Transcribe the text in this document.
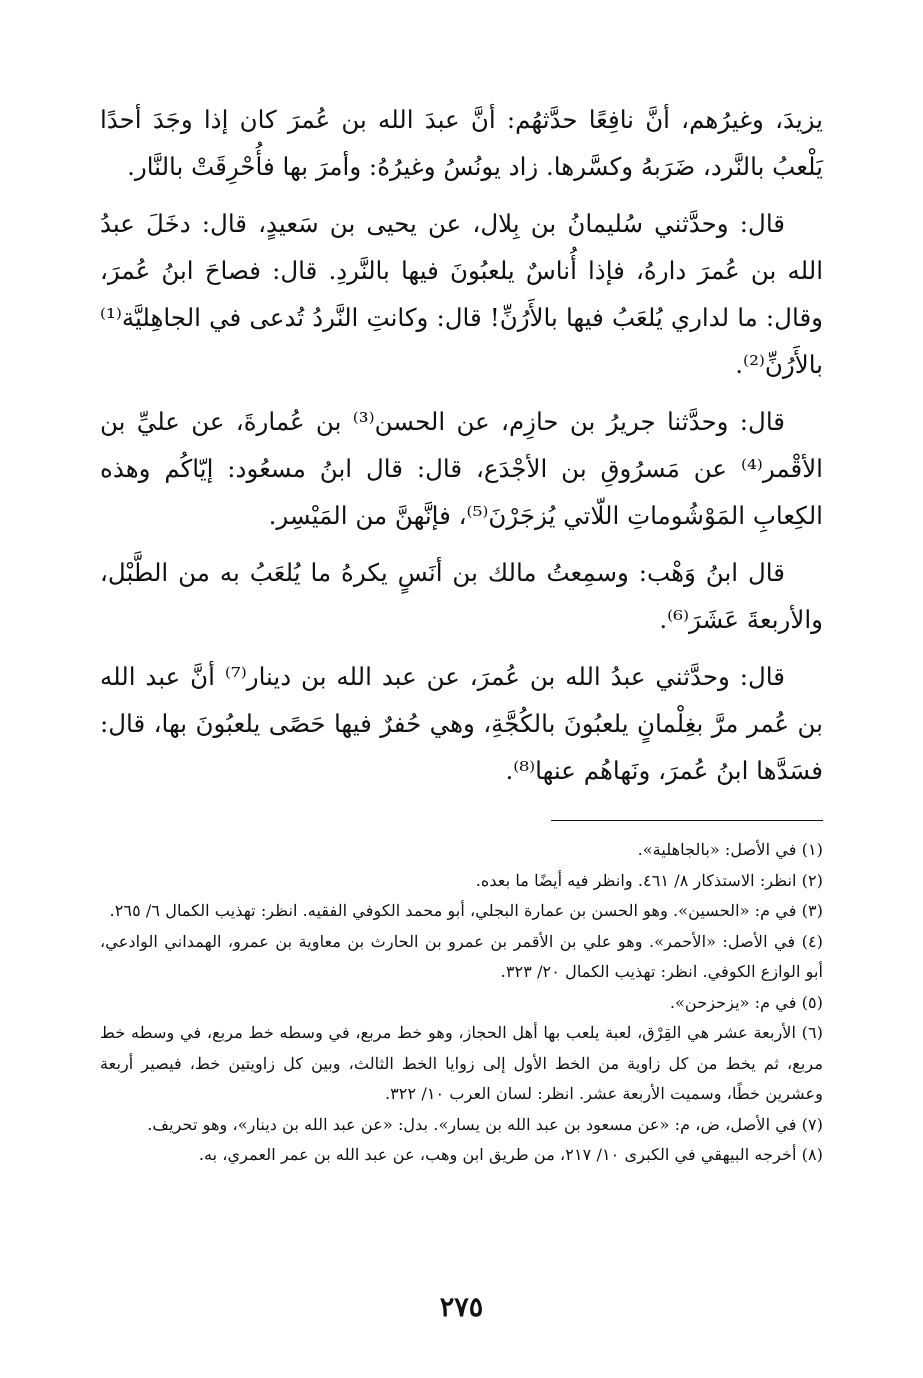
يزيدَ، وغيرُهم، أنَّ نافِعًا حدَّثهُم: أنَّ عبدَ الله بن عُمرَ كان إذا وجَدَ أحدًا يَلْعبُ بالنَّرد، ضَرَبهُ وكسَّرها. زاد يونُسُ وغيرُهُ: وأمرَ بها فأُحْرِقَتْ بالنَّار.

قال: وحدَّثني سُليمانُ بن بِلال، عن يحيى بن سَعيدٍ، قال: دخَلَ عبدُ الله بن عُمرَ دارهُ، فإذا أُناسٌ يلعبُونَ فيها بالنَّردِ. قال: فصاحَ ابنُ عُمرَ، وقال: ما لداري يُلعَبُ فيها بالأَرُنِّ! قال: وكانتِ النَّردُ تُدعى في الجاهِليَّة⁽¹⁾ بالأَرُنِّ⁽²⁾.

قال: وحدَّثنا جريرُ بن حازِم، عن الحسن⁽³⁾ بن عُمارةَ، عن عليِّ بن الأقْمر⁽⁴⁾ عن مَسرُوقِ بن الأجْدَع، قال: قال ابنُ مسعُود: إيّاكُم وهذه الكِعابِ المَوْشُوماتِ اللّاتي يُزجَرْنَ⁽⁵⁾، فإنَّهنَّ من المَيْسِر.

قال ابنُ وَهْب: وسمِعتُ مالك بن أنَسٍ يكرهُ ما يُلعَبُ به من الطَّبْل، والأربعةَ عَشَرَ⁽⁶⁾.

قال: وحدَّثني عبدُ الله بن عُمرَ، عن عبد الله بن دينار⁽⁷⁾ أنَّ عبد الله بن عُمر مرَّ بغِلْمانٍ يلعبُونَ بالكُجَّةِ، وهي حُفرٌ فيها حَصًى يلعبُونَ بها، قال: فسَدَّها ابنُ عُمرَ، ونَهاهُم عنها⁽⁸⁾.

(١) في الأصل: «بالجاهلية».

(٢) انظر: الاستذكار ٨/ ٤٦١. وانظر فيه أيضًا ما بعده.

(٣) في م: «الحسين». وهو الحسن بن عمارة البجلي، أبو محمد الكوفي الفقيه. انظر: تهذيب الكمال ٦/ ٢٦٥.

(٤) في الأصل: «الأحمر». وهو علي بن الأقمر بن عمرو بن الحارث بن معاوية بن عمرو، الهمداني الوادعي، أبو الوازع الكوفي. انظر: تهذيب الكمال ٢٠/ ٣٢٣.

(٥) في م: «يزحزحن».

(٦) الأربعة عشر هي القِرْق، لعبة يلعب بها أهل الحجاز، وهو خط مربع، في وسطه خط مربع، في وسطه خط مربع، ثم يخط من كل زاوية من الخط الأول إلى زوايا الخط الثالث، وبين كل زاويتين خط، فيصير أربعة وعشرين خطًا، وسميت الأربعة عشر. انظر: لسان العرب ١٠/ ٣٢٢.

(٧) في الأصل، ض، م: «عن مسعود بن عبد الله بن يسار». بدل: «عن عبد الله بن دينار»، وهو تحريف.

(٨) أخرجه البيهقي في الكبرى ١٠/ ٢١٧، من طريق ابن وهب، عن عبد الله بن عمر العمري، به.

٢٧٥
